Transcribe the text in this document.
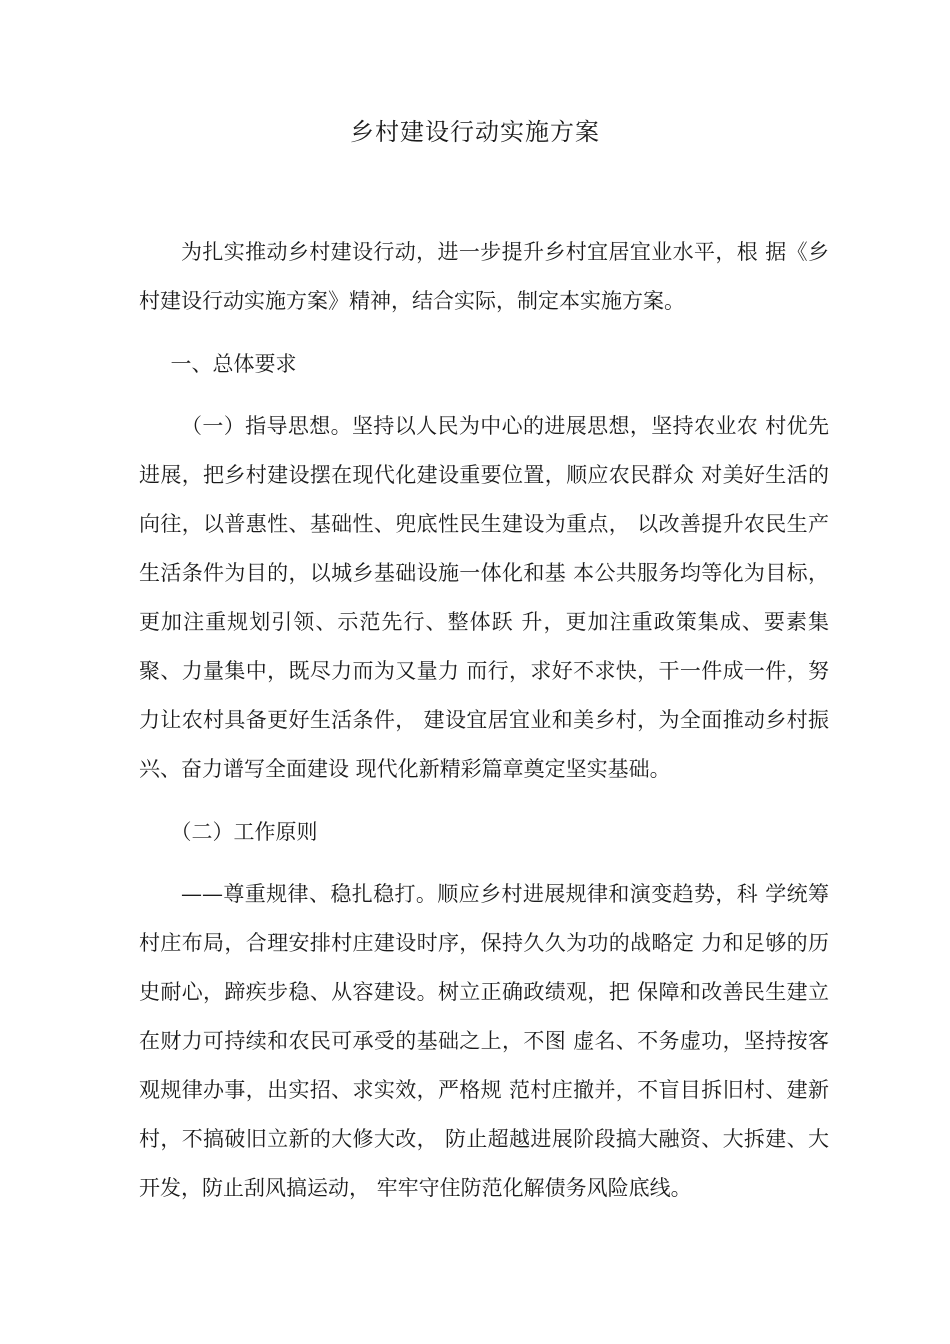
乡村建设行动实施方案

为扎实推动乡村建设行动，进一步提升乡村宜居宜业水平，根 据《乡村建设行动实施方案》精神，结合实际，制定本实施方案。

一、总体要求

（一）指导思想。坚持以人民为中心的进展思想，坚持农业农 村优先进展，把乡村建设摆在现代化建设重要位置，顺应农民群众 对美好生活的向往，以普惠性、基础性、兜底性民生建设为重点， 以改善提升农民生产生活条件为目的，以城乡基础设施一体化和基 本公共服务均等化为目标，更加注重规划引领、示范先行、整体跃 升，更加注重政策集成、要素集聚、力量集中，既尽力而为又量力 而行，求好不求快，干一件成一件，努力让农村具备更好生活条件， 建设宜居宜业和美乡村，为全面推动乡村振兴、奋力谱写全面建设 现代化新精彩篇章奠定坚实基础。

（二）工作原则

——尊重规律、稳扎稳打。顺应乡村进展规律和演变趋势，科 学统筹村庄布局，合理安排村庄建设时序，保持久久为功的战略定 力和足够的历史耐心，蹄疾步稳、从容建设。树立正确政绩观，把 保障和改善民生建立在财力可持续和农民可承受的基础之上，不图 虚名、不务虚功，坚持按客观规律办事，出实招、求实效，严格规 范村庄撤并，不盲目拆旧村、建新村，不搞破旧立新的大修大改， 防止超越进展阶段搞大融资、大拆建、大开发，防止刮风搞运动， 牢牢守住防范化解债务风险底线。
